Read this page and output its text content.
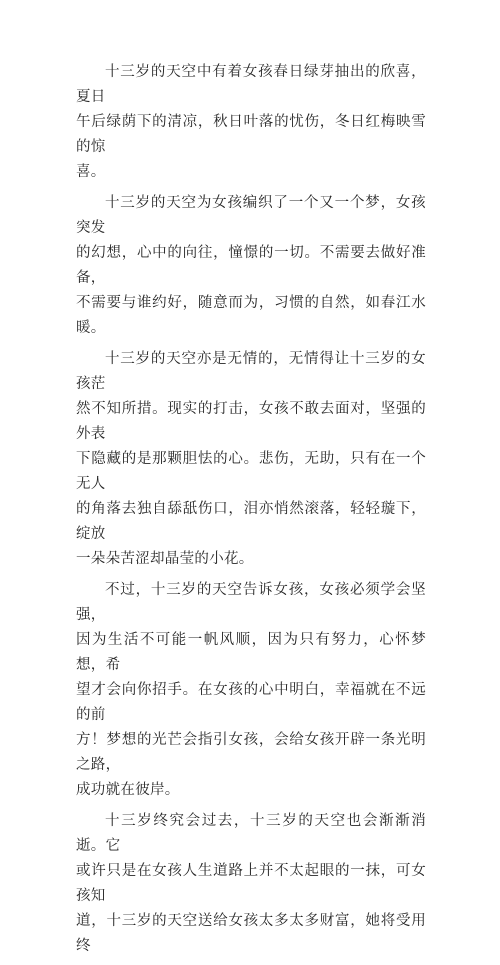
十三岁的天空中有着女孩春日绿芽抽出的欣喜，夏日
午后绿荫下的清凉，秋日叶落的忧伤，冬日红梅映雪的惊
喜。

十三岁的天空为女孩编织了一个又一个梦，女孩突发
的幻想，心中的向往，憧憬的一切。不需要去做好准备，
不需要与谁约好，随意而为，习惯的自然，如春江水暖。

十三岁的天空亦是无情的，无情得让十三岁的女孩茫
然不知所措。现实的打击，女孩不敢去面对，坚强的外表
下隐藏的是那颗胆怯的心。悲伤，无助，只有在一个无人
的角落去独自舔舐伤口，泪亦悄然滚落，轻轻璇下，绽放
一朵朵苦涩却晶莹的小花。

不过，十三岁的天空告诉女孩，女孩必须学会坚强，
因为生活不可能一帆风顺，因为只有努力，心怀梦想，希
望才会向你招手。在女孩的心中明白，幸福就在不远的前
方！梦想的光芒会指引女孩，会给女孩开辟一条光明之路，
成功就在彼岸。

十三岁终究会过去，十三岁的天空也会渐渐消逝。它
或许只是在女孩人生道路上并不太起眼的一抹，可女孩知
道，十三岁的天空送给女孩太多太多财富，她将受用终
